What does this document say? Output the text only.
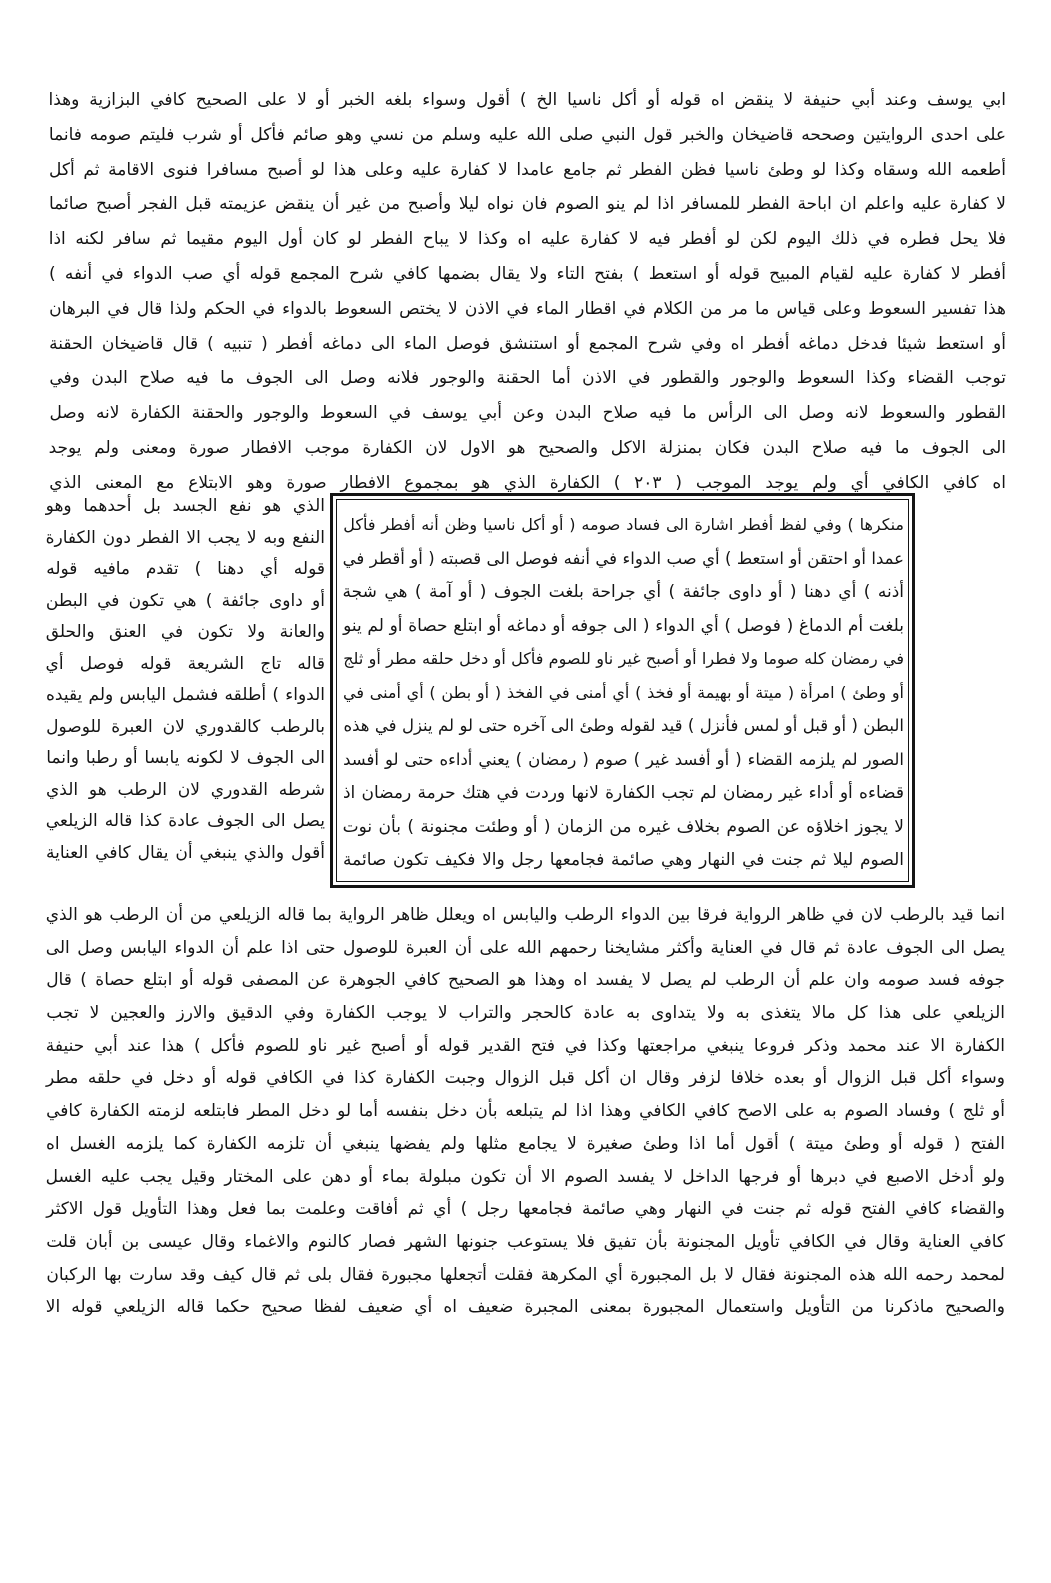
ابي يوسف وعند أبي حنيفة لا ينقض اه قوله أو أكل ناسيا الخ ) أقول وسواء بلغه الخبر أو لا على الصحيح كافي البزازية وهذا
على احدى الروايتين وصححه قاضيخان والخبر قول النبي صلى الله عليه وسلم من نسي وهو صائم فأكل أو شرب فليتم صومه فانما
أطعمه الله وسقاه وكذا لو وطئ ناسيا فظن الفطر ثم جامع عامدا لا كفارة عليه وعلى هذا لو أصبح مسافرا فنوى الاقامة ثم أكل
لا كفارة عليه واعلم ان اباحة الفطر للمسافر اذا لم ينو الصوم فان نواه ليلا وأصبح من غير أن ينقض عزيمته قبل الفجر أصبح صائما
فلا يحل فطره في ذلك اليوم لكن لو أفطر فيه لا كفارة عليه اه وكذا لا يباح الفطر لو كان أول اليوم مقيما ثم سافر لكنه اذا
أفطر لا كفارة عليه لقيام المبيح قوله أو استعط ) بفتح التاء ولا يقال بضمها كافي شرح المجمع قوله أي صب الدواء في أنفه )
هذا تفسير السعوط وعلى قياس ما مر من الكلام في اقطار الماء في الاذن لا يختص السعوط بالدواء في الحكم ولذا قال في البرهان
أو استعط شيئا فدخل دماغه أفطر اه وفي شرح المجمع أو استنشق فوصل الماء الى دماغه أفطر ( تنبيه ) قال قاضيخان الحقنة
توجب القضاء وكذا السعوط والوجور والقطور في الاذن أما الحقنة والوجور فلانه وصل الى الجوف ما فيه صلاح البدن وفي
القطور والسعوط لانه وصل الى الرأس ما فيه صلاح البدن وعن أبي يوسف في السعوط والوجور والحقنة الكفارة لانه وصل
الى الجوف ما فيه صلاح البدن فكان بمنزلة الاكل والصحيح هو الاول لان الكفارة موجب الافطار صورة ومعنى ولم يوجد
اه كافي الكافي أي ولم يوجد الموجب ( ٢٠٣ ) الكفارة الذي هو بمجموع الافطار صورة وهو الابتلاع مع المعنى الذي
الذي هو نفع الجسد بل أحدهما وهو
النفع وبه لا يجب الا الفطر دون الكفارة
قوله أي دهنا ) تقدم مافيه قوله
أو داوى جائفة ) هي تكون في البطن
والعانة ولا تكون في العنق والحلق
قاله تاج الشريعة قوله فوصل أي
الدواء ) أطلقه فشمل اليابس ولم يقيده
بالرطب كالقدوري لان العبرة للوصول
الى الجوف لا لكونه يابسا أو رطبا وانما
شرطه القدوري لان الرطب هو الذي
يصل الى الجوف عادة كذا قاله الزيلعي
أقول والذي ينبغي أن يقال كافي العناية
منكرها ) وفي لفظ أفطر اشارة الى فساد صومه ( أو أكل ناسيا وظن أنه أفطر فأكل
عمدا أو احتقن أو استعط ) أي صب الدواء في أنفه فوصل الى قصبته ( أو أقطر في
أذنه ) أي دهنا ( أو داوى جائفة ) أي جراحة بلغت الجوف ( أو آمة ) هي شجة
بلغت أم الدماغ ( فوصل ) أي الدواء ( الى جوفه أو دماغه أو ابتلع حصاة أو لم ينو
في رمضان كله صوما ولا فطرا أو أصبح غير ناو للصوم فأكل أو دخل حلقه مطر أو ثلج
أو وطئ ) امرأة ( ميتة أو بهيمة أو فخذ ) أي أمنى في الفخذ ( أو بطن ) أي أمنى في
البطن ( أو قبل أو لمس فأنزل ) قيد لقوله وطئ الى آخره حتى لو لم ينزل في هذه
الصور لم يلزمه القضاء ( أو أفسد غير ) صوم ( رمضان ) يعني أداءه حتى لو أفسد
قضاءه أو أداء غير رمضان لم تجب الكفارة لانها وردت في هتك حرمة رمضان اذ
لا يجوز اخلاؤه عن الصوم بخلاف غيره من الزمان ( أو وطئت مجنونة ) بأن نوت
الصوم ليلا ثم جنت في النهار وهي صائمة فجامعها رجل والا فكيف تكون صائمة
انما قيد بالرطب لان في ظاهر الرواية فرقا بين الدواء الرطب واليابس اه ويعلل ظاهر الرواية بما قاله الزيلعي من أن الرطب هو الذي
يصل الى الجوف عادة ثم قال في العناية وأكثر مشايخنا رحمهم الله على أن العبرة للوصول حتى اذا علم أن الدواء اليابس وصل الى
جوفه فسد صومه وان علم أن الرطب لم يصل لا يفسد اه وهذا هو الصحيح كافي الجوهرة عن المصفى قوله أو ابتلع حصاة ) قال
الزيلعي على هذا كل مالا يتغذى به ولا يتداوى به عادة كالحجر والتراب لا يوجب الكفارة وفي الدقيق والارز والعجين لا تجب
الكفارة الا عند محمد وذكر فروعا ينبغي مراجعتها وكذا في فتح القدير قوله أو أصبح غير ناو للصوم فأكل ) هذا عند أبي حنيفة
وسواء أكل قبل الزوال أو بعده خلافا لزفر وقال ان أكل قبل الزوال وجبت الكفارة كذا في الكافي قوله أو دخل في حلقه مطر
أو ثلج ) وفساد الصوم به على الاصح كافي الكافي وهذا اذا لم يتبلعه بأن دخل بنفسه أما لو دخل المطر فابتلعه لزمته الكفارة كافي
الفتح ( قوله أو وطئ ميتة ) أقول أما اذا وطئ صغيرة لا يجامع مثلها ولم يفضها ينبغي أن تلزمه الكفارة كما يلزمه الغسل اه
ولو أدخل الاصبع في دبرها أو فرجها الداخل لا يفسد الصوم الا أن تكون مبلولة بماء أو دهن على المختار وقيل يجب عليه الغسل
والقضاء كافي الفتح قوله ثم جنت في النهار وهي صائمة فجامعها رجل ) أي ثم أفاقت وعلمت بما فعل وهذا التأويل قول الاكثر
كافي العناية وقال في الكافي تأويل المجنونة بأن تفيق فلا يستوعب جنونها الشهر فصار كالنوم والاغماء وقال عيسى بن أبان قلت
لمحمد رحمه الله هذه المجنونة فقال لا بل المجبورة أي المكرهة فقلت أتجعلها مجبورة فقال بلى ثم قال كيف وقد سارت بها الركبان
والصحيح ماذكرنا من التأويل واستعمال المجبورة بمعنى المجبرة ضعيف اه أي ضعيف لفظا صحيح حكما قاله الزيلعي قوله الا
